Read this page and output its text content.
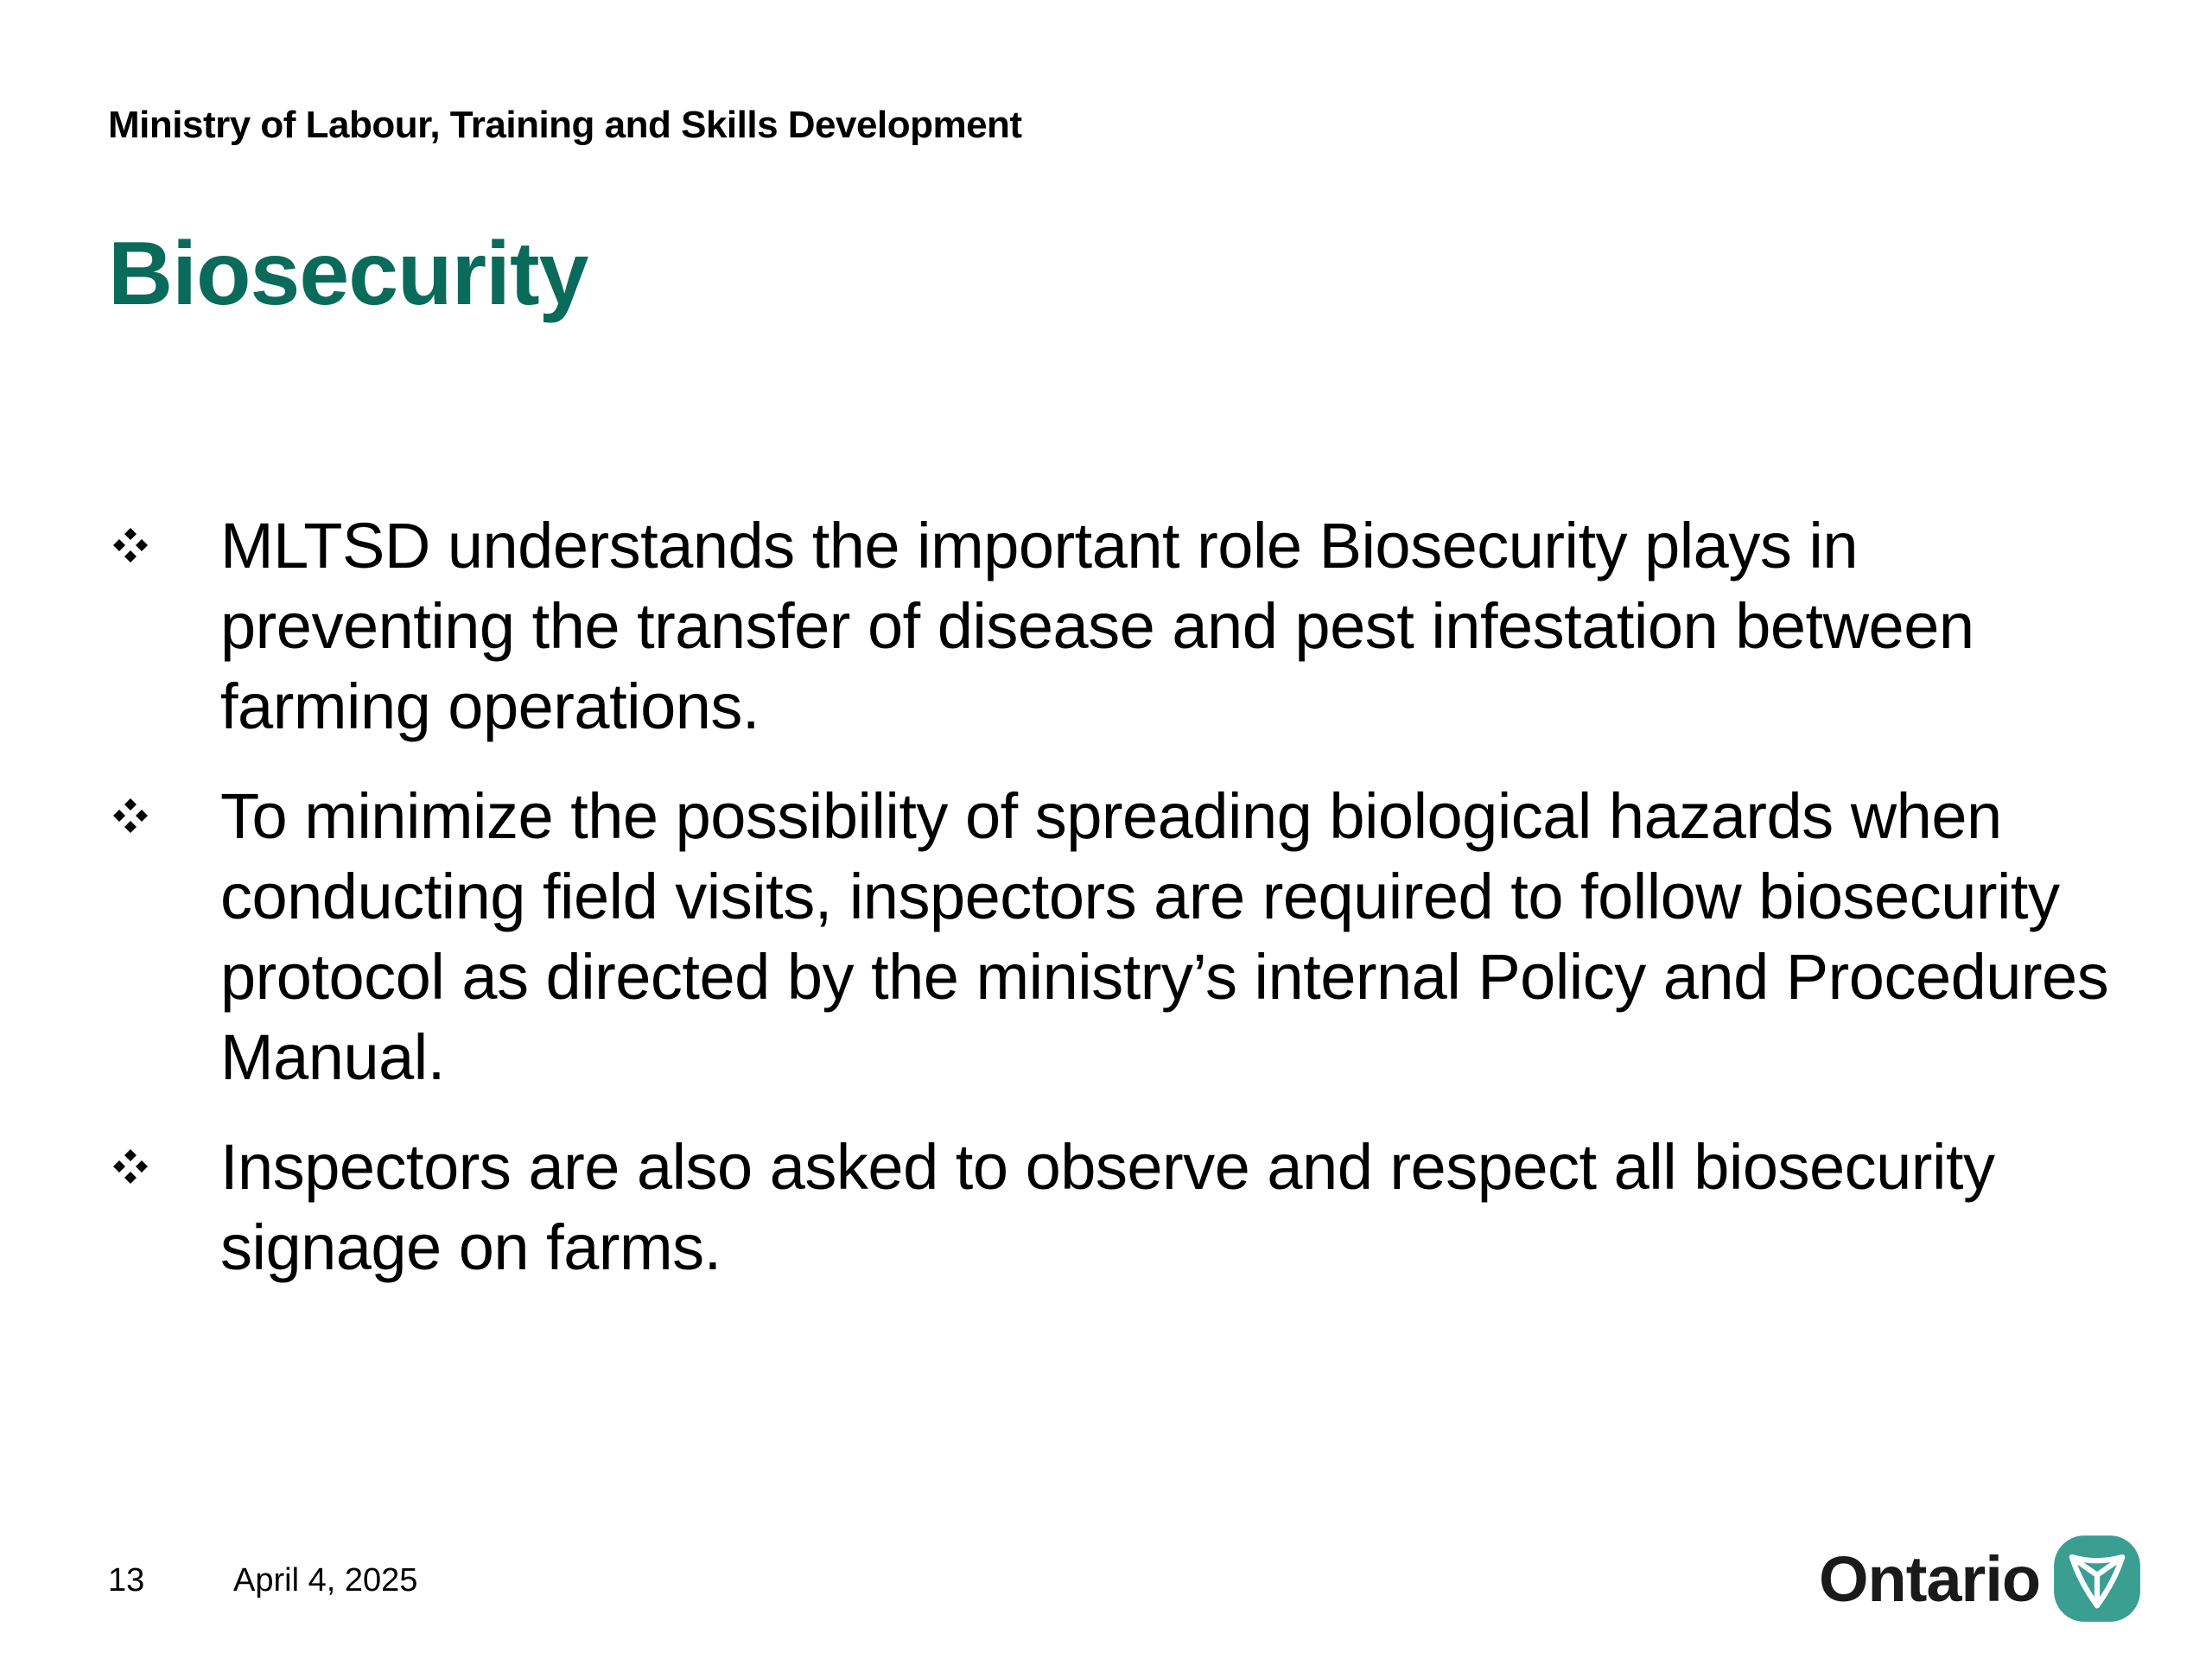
Ministry of Labour, Training and Skills Development
Biosecurity
MLTSD understands the important role Biosecurity plays in preventing the transfer of disease and pest infestation between farming operations.
To minimize the possibility of spreading biological hazards when conducting field visits, inspectors are required to follow biosecurity protocol as directed by the ministry’s internal Policy and Procedures Manual.
Inspectors are also asked to observe and respect all biosecurity signage on farms.
13	April 4, 2025	Ontario
